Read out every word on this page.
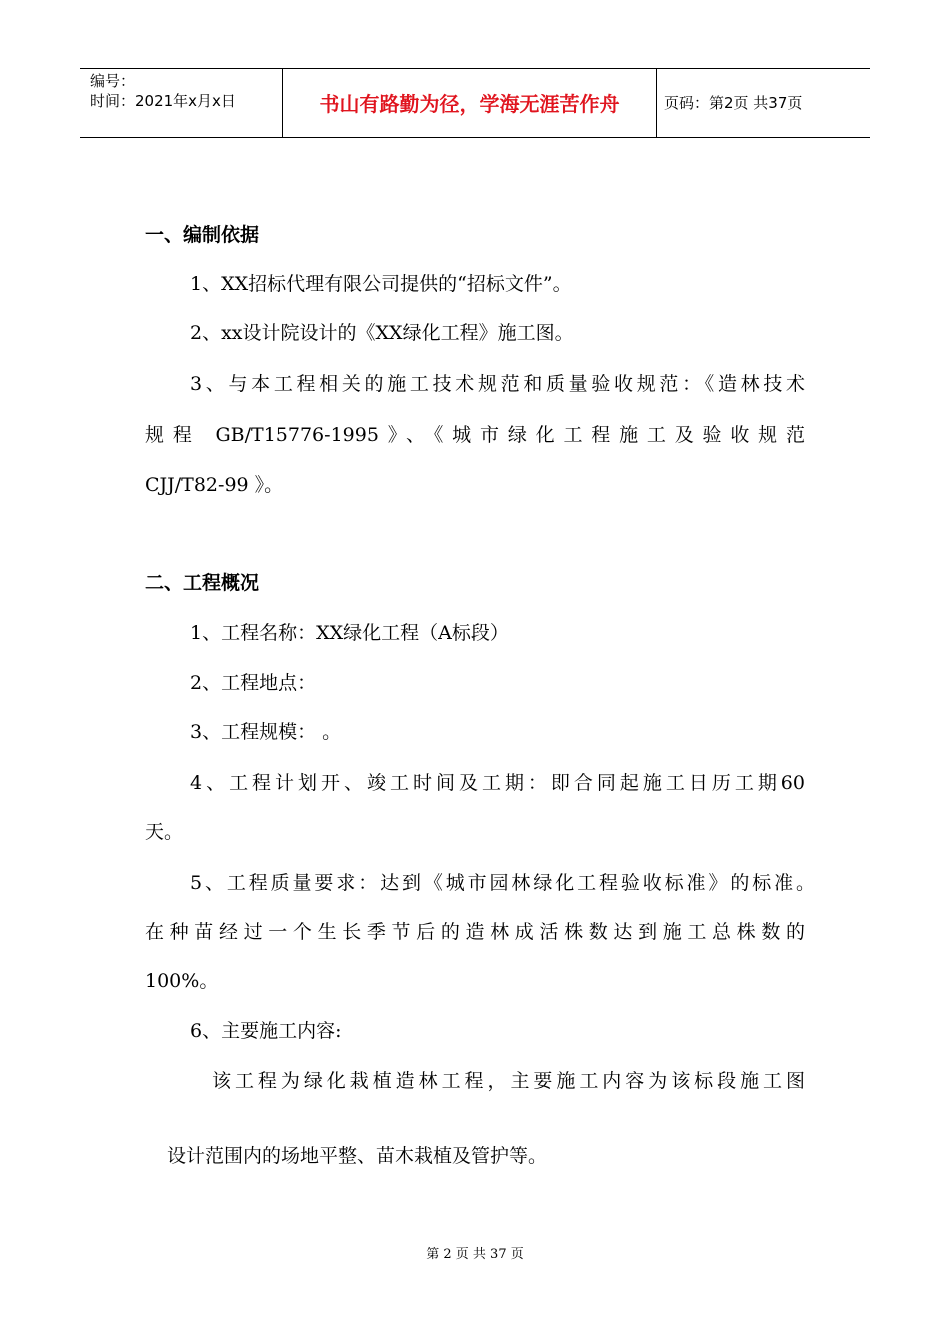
编号：
时间：2021年x月x日	书山有路勤为径，学海无涯苦作舟	页码：第2页 共37页
一、编制依据
1、XX招标代理有限公司提供的“招标文件”。
2、xx设计院设计的《XX绿化工程》施工图。
3、与本工程相关的施工技术规范和质量验收规范：《造林技术
规程 GB/T15776-1995》、《城市绿化工程施工及验收规范
CJJ/T82-99 》。
二、工程概况
1、工程名称：XX绿化工程（A标段）
2、工程地点：
3、工程规模： 。
4、工程计划开、竣工时间及工期：即合同起施工日历工期60
天。
5、工程质量要求：达到《城市园林绿化工程验收标准》的标准。
在种苗经过一个生长季节后的造林成活株数达到施工总株数的
100%。
6、主要施工内容:
该工程为绿化栽植造林工程，主要施工内容为该标段施工图
设计范围内的场地平整、苗木栽植及管护等。
第 2 页 共 37 页
